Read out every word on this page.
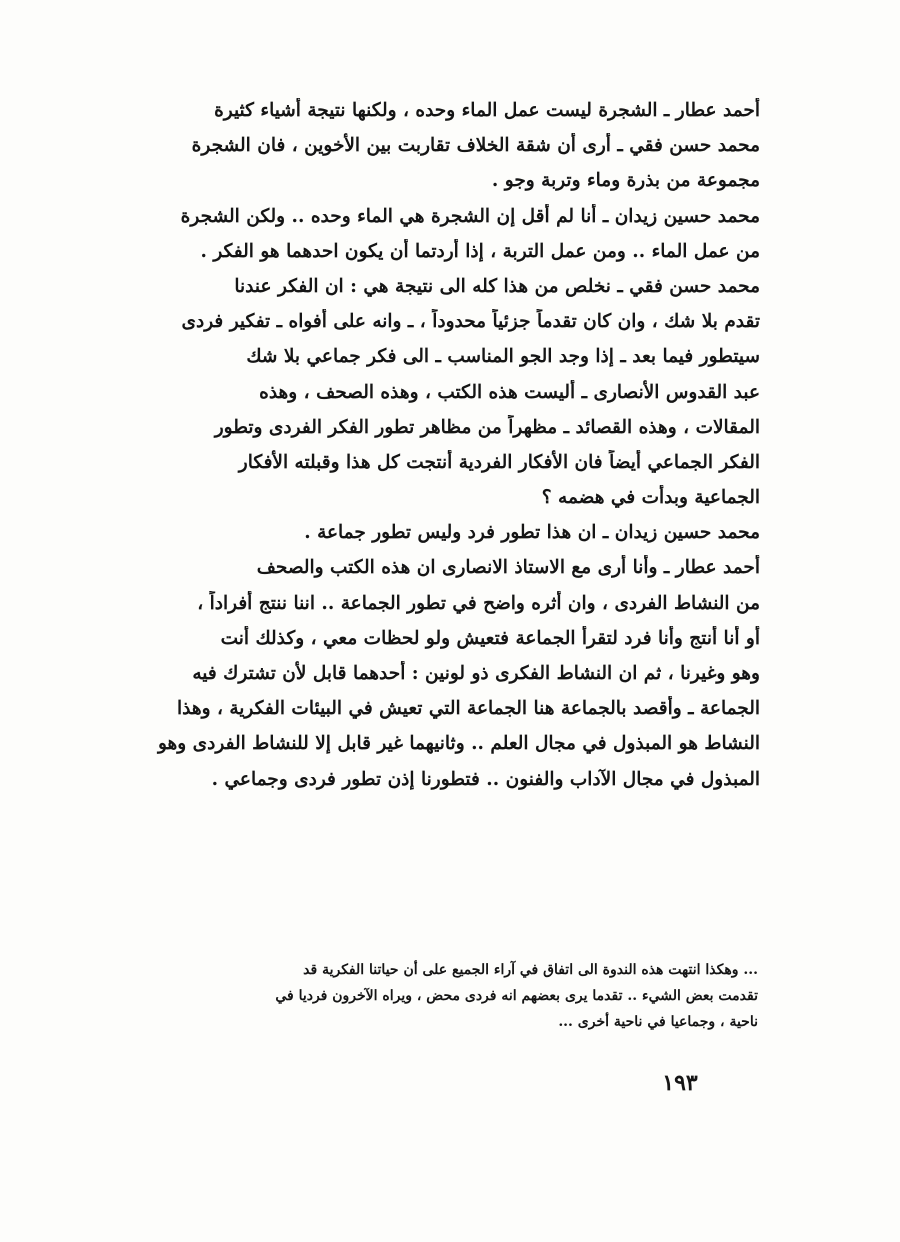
أحمد عطار ـ الشجرة ليست عمل الماء وحده ، ولكنها نتيجة أشياء كثيرة
محمد حسن فقي ـ أرى أن شقة الخلاف تقاربت بين الأخوين ، فان الشجرة
مجموعة من بذرة وماء وتربة وجو .
محمد حسين زيدان ـ أنا لم أقل إن الشجرة هي الماء وحده .. ولكن الشجرة
من عمل الماء .. ومن عمل التربة ، إذا أردتما أن يكون احدهما هو الفكر .
محمد حسن فقي ـ نخلص من هذا كله الى نتيجة هي : ان الفكر عندنا
تقدم بلا شك ، وان كان تقدماً جزئياً محدوداً ، ـ وانه على أفواه ـ تفكير فردى
سيتطور فيما بعد ـ إذا وجد الجو المناسب ـ الى فكر جماعي بلا شك
عبد القدوس الأنصارى ـ أليست هذه الكتب ، وهذه الصحف ، وهذه
المقالات ، وهذه القصائد ـ مظهراً من مظاهر تطور الفكر الفردى وتطور
الفكر الجماعي أيضاً فان الأفكار الفردية أنتجت كل هذا وقبلته الأفكار
الجماعية وبدأت في هضمه ؟
محمد حسين زيدان ـ ان هذا تطور فرد وليس تطور جماعة .
أحمد عطار ـ وأنا أرى مع الاستاذ الانصارى ان هذه الكتب والصحف
من النشاط الفردى ، وان أثره واضح في تطور الجماعة .. اننا ننتج أفراداً ،
أو أنا أنتج وأنا فرد لتقرأ الجماعة فتعيش ولو لحظات معي ، وكذلك أنت
وهو وغيرنا ، ثم ان النشاط الفكرى ذو لونين : أحدهما قابل لأن تشترك فيه
الجماعة ـ وأقصد بالجماعة هنا الجماعة التي تعيش في البيئات الفكرية ، وهذا
النشاط هو المبذول في مجال العلم .. وثانيهما غير قابل إلا للنشاط الفردى وهو
المبذول في مجال الآداب والفنون .. فتطورنا إذن تطور فردى وجماعي .
... وهكذا انتهت هذه الندوة الى اتفاق في آراء الجميع على أن حياتنا الفكرية قد
تقدمت بعض الشيء .. تقدما يرى بعضهم انه فردى محض ، ويراه الآخرون فرديا في
ناحية ، وجماعيا في ناحية أخرى ...
١٩٣
